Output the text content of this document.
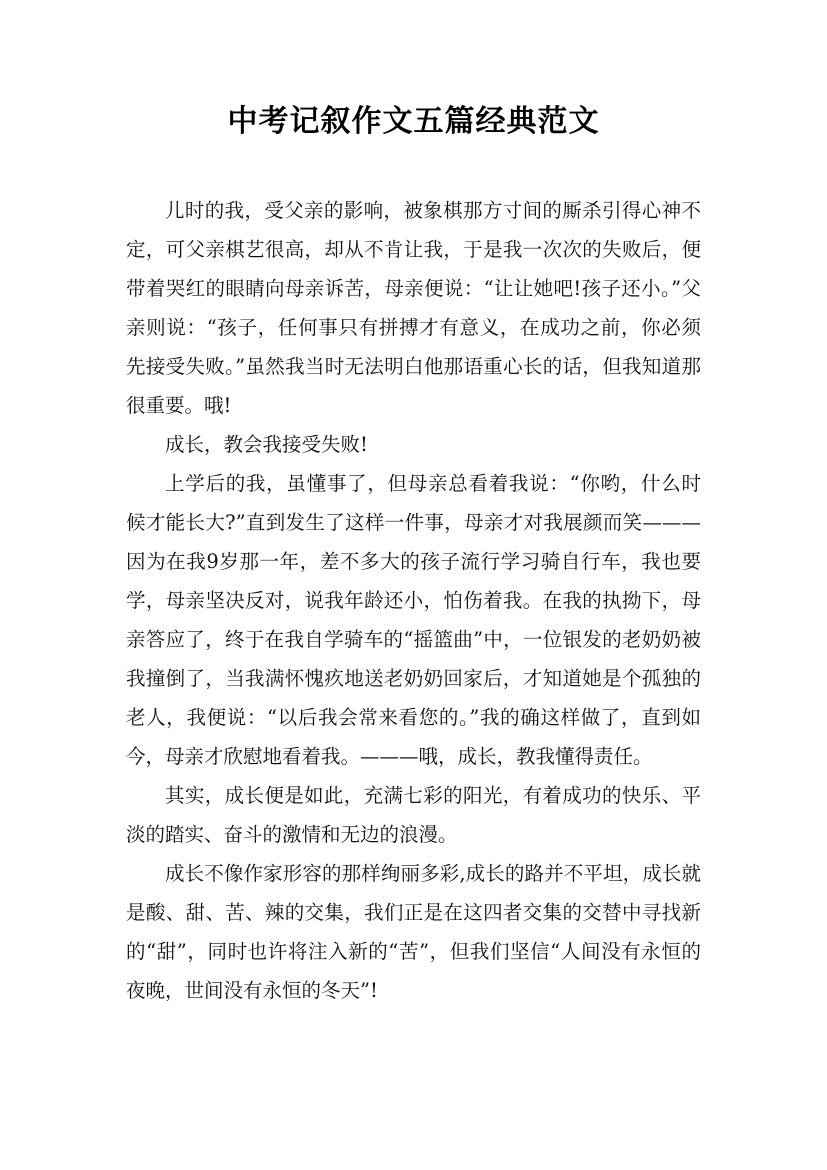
中考记叙作文五篇经典范文

儿时的我，受父亲的影响，被象棋那方寸间的厮杀引得心神不定，可父亲棋艺很高，却从不肯让我，于是我一次次的失败后，便带着哭红的眼睛向母亲诉苦，母亲便说：“让让她吧!孩子还小。”父亲则说：“孩子，任何事只有拼搏才有意义，在成功之前，你必须先接受失败。”虽然我当时无法明白他那语重心长的话，但我知道那很重要。哦!

成长，教会我接受失败!

上学后的我，虽懂事了，但母亲总看着我说：“你哟，什么时候才能长大?”直到发生了这样一件事，母亲才对我展颜而笑———因为在我9岁那一年，差不多大的孩子流行学习骑自行车，我也要学，母亲坚决反对，说我年龄还小，怕伤着我。在我的执拗下，母亲答应了，终于在我自学骑车的“摇篮曲”中，一位银发的老奶奶被我撞倒了，当我满怀愧疚地送老奶奶回家后，才知道她是个孤独的老人，我便说：“以后我会常来看您的。”我的确这样做了，直到如今，母亲才欣慰地看着我。———哦，成长，教我懂得责任。

其实，成长便是如此，充满七彩的阳光，有着成功的快乐、平淡的踏实、奋斗的激情和无边的浪漫。

成长不像作家形容的那样绚丽多彩,成长的路并不平坦，成长就是酸、甜、苦、辣的交集，我们正是在这四者交集的交替中寻找新的“甜”，同时也许将注入新的“苦”，但我们坚信“人间没有永恒的夜晚，世间没有永恒的冬天”!
